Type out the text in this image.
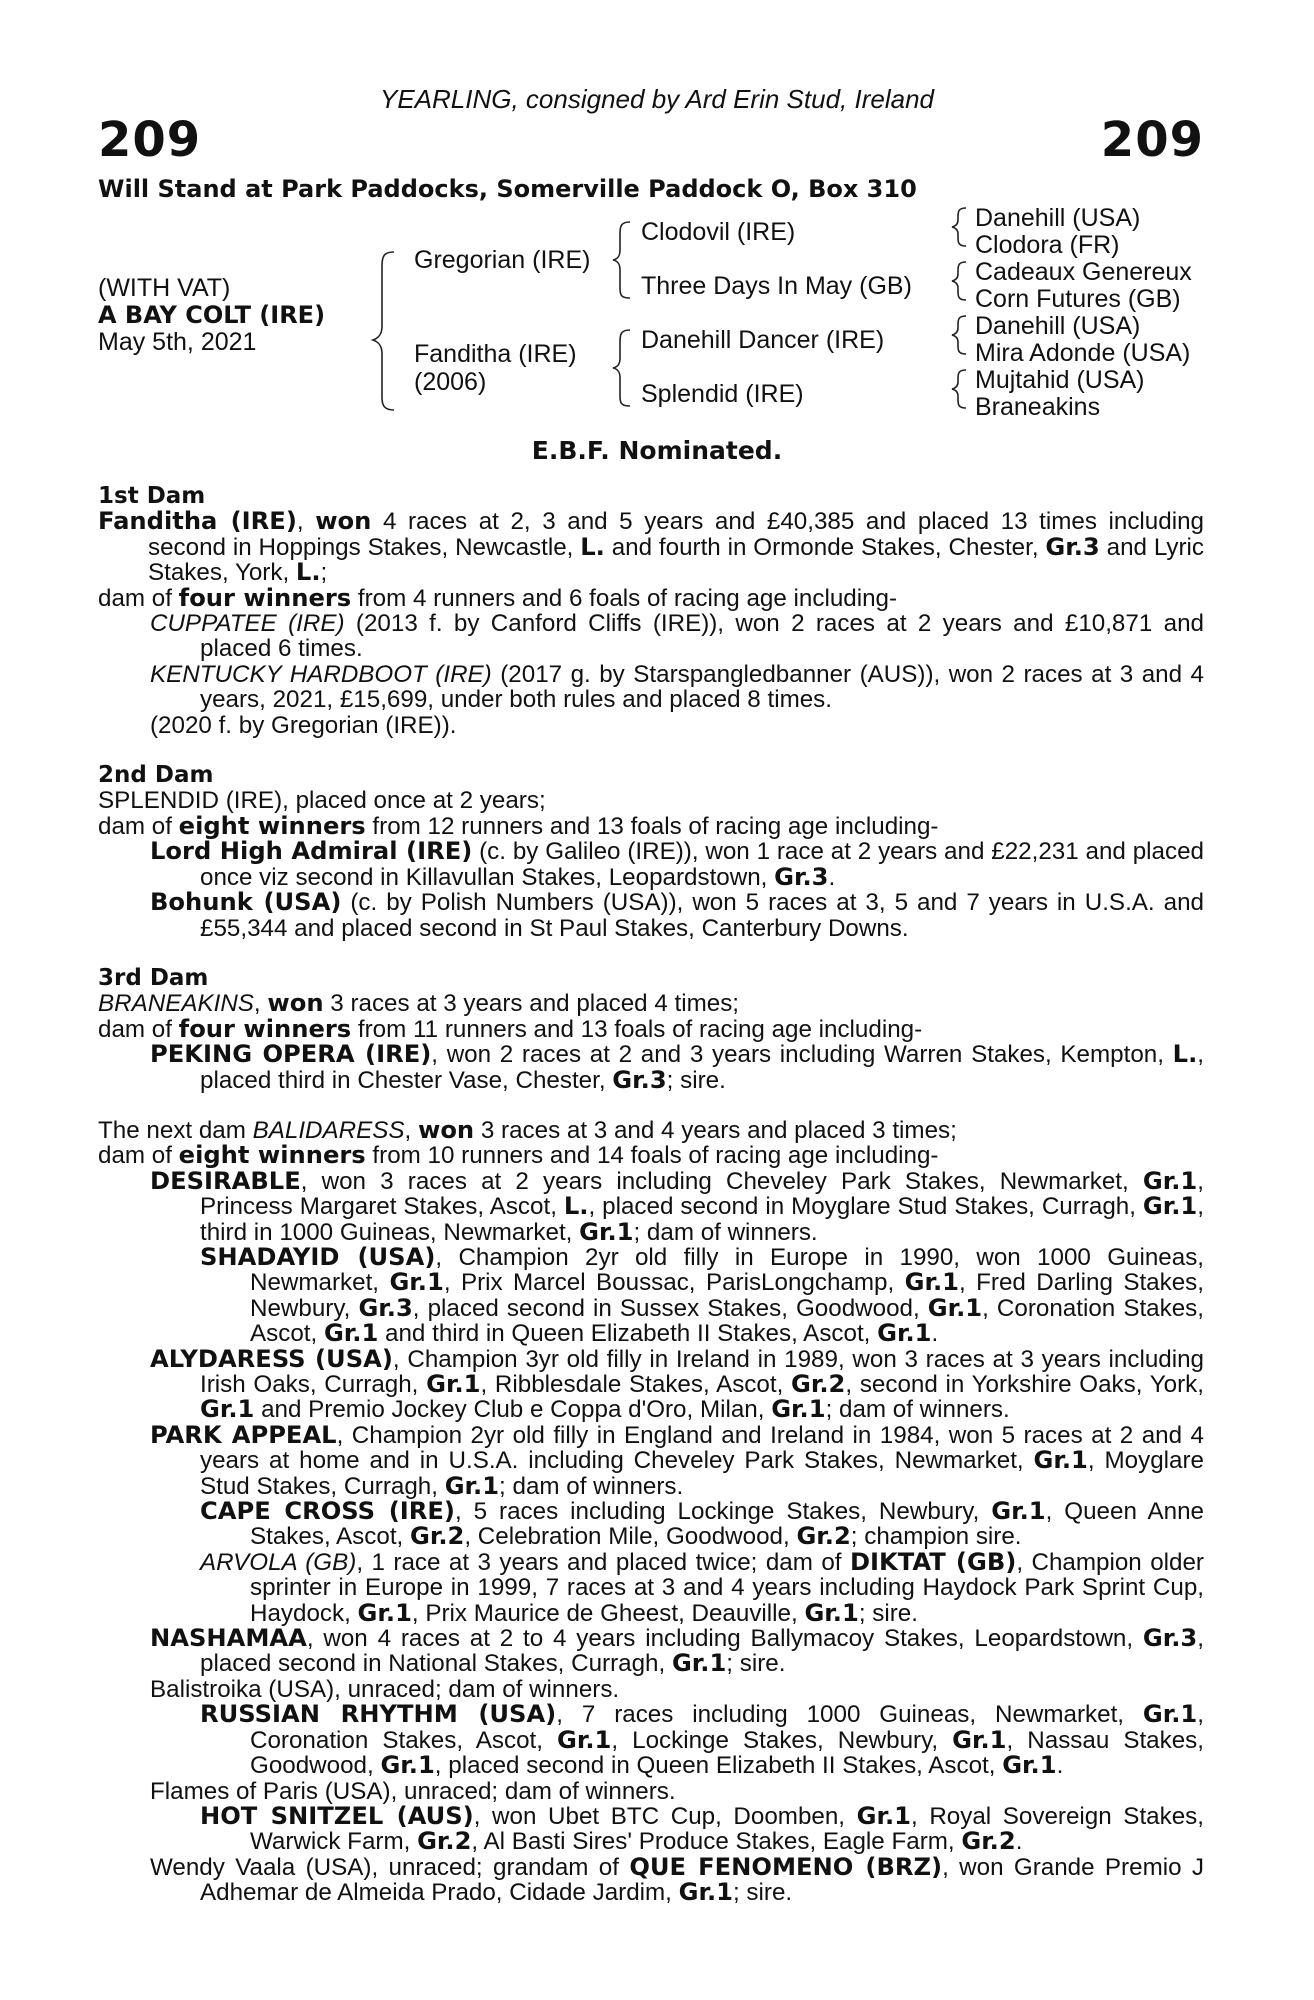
YEARLING, consigned by Ard Erin Stud, Ireland
209	209
Will Stand at Park Paddocks, Somerville Paddock O, Box 310
(WITH VAT)
A BAY COLT (IRE)
May 5th, 2021
Gregorian (IRE)
Fanditha (IRE)
(2006)
Clodovil (IRE)
Three Days In May (GB)
Danehill Dancer (IRE)
Splendid (IRE)
Danehill (USA)
Clodora (FR)
Cadeaux Genereux
Corn Futures (GB)
Danehill (USA)
Mira Adonde (USA)
Mujtahid (USA)
Braneakins
E.B.F. Nominated.

1st Dam

Fanditha (IRE), won 4 races at 2, 3 and 5 years and £40,385 and placed 13 times including second in Hoppings Stakes, Newcastle, L. and fourth in Ormonde Stakes, Chester, Gr.3 and Lyric Stakes, York, L.;

dam of four winners from 4 runners and 6 foals of racing age including-

CUPPATEE (IRE) (2013 f. by Canford Cliffs (IRE)), won 2 races at 2 years and £10,871 and placed 6 times.

KENTUCKY HARDBOOT (IRE) (2017 g. by Starspangledbanner (AUS)), won 2 races at 3 and 4 years, 2021, £15,699, under both rules and placed 8 times.

(2020 f. by Gregorian (IRE)).

2nd Dam

SPLENDID (IRE), placed once at 2 years;

dam of eight winners from 12 runners and 13 foals of racing age including-

Lord High Admiral (IRE) (c. by Galileo (IRE)), won 1 race at 2 years and £22,231 and placed once viz second in Killavullan Stakes, Leopardstown, Gr.3.

Bohunk (USA) (c. by Polish Numbers (USA)), won 5 races at 3, 5 and 7 years in U.S.A. and £55,344 and placed second in St Paul Stakes, Canterbury Downs.

3rd Dam

BRANEAKINS, won 3 races at 3 years and placed 4 times;

dam of four winners from 11 runners and 13 foals of racing age including-

PEKING OPERA (IRE), won 2 races at 2 and 3 years including Warren Stakes, Kempton, L., placed third in Chester Vase, Chester, Gr.3; sire.

The next dam BALIDARESS, won 3 races at 3 and 4 years and placed 3 times;

dam of eight winners from 10 runners and 14 foals of racing age including-

DESIRABLE, won 3 races at 2 years including Cheveley Park Stakes, Newmarket, Gr.1, Princess Margaret Stakes, Ascot, L., placed second in Moyglare Stud Stakes, Curragh, Gr.1, third in 1000 Guineas, Newmarket, Gr.1; dam of winners.

SHADAYID (USA), Champion 2yr old filly in Europe in 1990, won 1000 Guineas, Newmarket, Gr.1, Prix Marcel Boussac, ParisLongchamp, Gr.1, Fred Darling Stakes, Newbury, Gr.3, placed second in Sussex Stakes, Goodwood, Gr.1, Coronation Stakes, Ascot, Gr.1 and third in Queen Elizabeth II Stakes, Ascot, Gr.1.

ALYDARESS (USA), Champion 3yr old filly in Ireland in 1989, won 3 races at 3 years including Irish Oaks, Curragh, Gr.1, Ribblesdale Stakes, Ascot, Gr.2, second in Yorkshire Oaks, York, Gr.1 and Premio Jockey Club e Coppa d'Oro, Milan, Gr.1; dam of winners.

PARK APPEAL, Champion 2yr old filly in England and Ireland in 1984, won 5 races at 2 and 4 years at home and in U.S.A. including Cheveley Park Stakes, Newmarket, Gr.1, Moyglare Stud Stakes, Curragh, Gr.1; dam of winners.

CAPE CROSS (IRE), 5 races including Lockinge Stakes, Newbury, Gr.1, Queen Anne Stakes, Ascot, Gr.2, Celebration Mile, Goodwood, Gr.2; champion sire.

ARVOLA (GB), 1 race at 3 years and placed twice; dam of DIKTAT (GB), Champion older sprinter in Europe in 1999, 7 races at 3 and 4 years including Haydock Park Sprint Cup, Haydock, Gr.1, Prix Maurice de Gheest, Deauville, Gr.1; sire.

NASHAMAA, won 4 races at 2 to 4 years including Ballymacoy Stakes, Leopardstown, Gr.3, placed second in National Stakes, Curragh, Gr.1; sire.

Balistroika (USA), unraced; dam of winners.

RUSSIAN RHYTHM (USA), 7 races including 1000 Guineas, Newmarket, Gr.1, Coronation Stakes, Ascot, Gr.1, Lockinge Stakes, Newbury, Gr.1, Nassau Stakes, Goodwood, Gr.1, placed second in Queen Elizabeth II Stakes, Ascot, Gr.1.

Flames of Paris (USA), unraced; dam of winners.

HOT SNITZEL (AUS), won Ubet BTC Cup, Doomben, Gr.1, Royal Sovereign Stakes, Warwick Farm, Gr.2, Al Basti Sires' Produce Stakes, Eagle Farm, Gr.2.

Wendy Vaala (USA), unraced; grandam of QUE FENOMENO (BRZ), won Grande Premio J Adhemar de Almeida Prado, Cidade Jardim, Gr.1; sire.
